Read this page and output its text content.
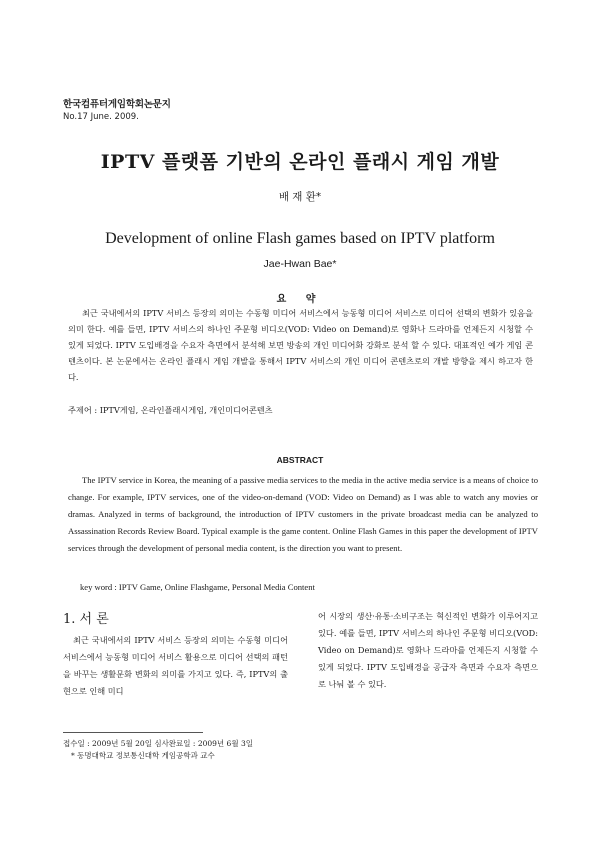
한국컴퓨터게임학회논문지
No.17 June. 2009.
IPTV 플랫폼 기반의 온라인 플래시 게임 개발
배 재 환*
Development of online Flash games based on IPTV platform
Jae-Hwan Bae*
요 약

최근 국내에서의 IPTV 서비스 등장의 의미는 수동형 미디어 서비스에서 능동형 미디어 서비스로 미디어 선택의 변화가 있음을 의미 한다. 예를 들면, IPTV 서비스의 하나인 주문형 비디오(VOD: Video on Demand)로 영화나 드라마를 언제든지 시청할 수 있게 되었다. IPTV 도입배경을 수요자 측면에서 분석해 보면 방송의 개인 미디어화 강화로 분석 할 수 있다. 대표적인 예가 게임 콘텐츠이다. 본 논문에서는 온라인 플래시 게임 개발을 통해서 IPTV 서비스의 개인 미디어 콘텐츠로의 개발 방향을 제시 하고자 한다.

주제어 : IPTV게임, 온라인플래시게임, 개인미디어콘텐츠
ABSTRACT

The IPTV service in Korea, the meaning of a passive media services to the media in the active media service is a means of choice to change. For example, IPTV services, one of the video-on-demand (VOD: Video on Demand) as I was able to watch any movies or dramas. Analyzed in terms of background, the introduction of IPTV customers in the private broadcast media can be analyzed to Assassination Records Review Board. Typical example is the game content. Online Flash Games in this paper the development of IPTV services through the development of personal media content, is the direction you want to present.

key word : IPTV Game, Online Flashgame, Personal Media Content
1. 서 론

최근 국내에서의 IPTV 서비스 등장의 의미는 수동형 미디어 서비스에서 능동형 미디어 서비스 활용으로 미디어 선택의 패턴을 바꾸는 생활문화 변화의 의미를 가지고 있다. 즉, IPTV의 출현으로 인해 미디

어 시장의 생산·유통·소비구조는 혁신적인 변화가 이루어지고 있다. 예를 들면, IPTV 서비스의 하나인 주문형 비디오(VOD: Video on Demand)로 영화나 드라마를 언제든지 시청할 수 있게 되었다. IPTV 도입배경을 공급자 측면과 수요자 측면으로 나눠 볼 수 있다.

접수일 : 2009년 5월 20일 심사완료일 : 2009년 6월 3일
* 동명대학교 정보통신대학 게임공학과 교수
